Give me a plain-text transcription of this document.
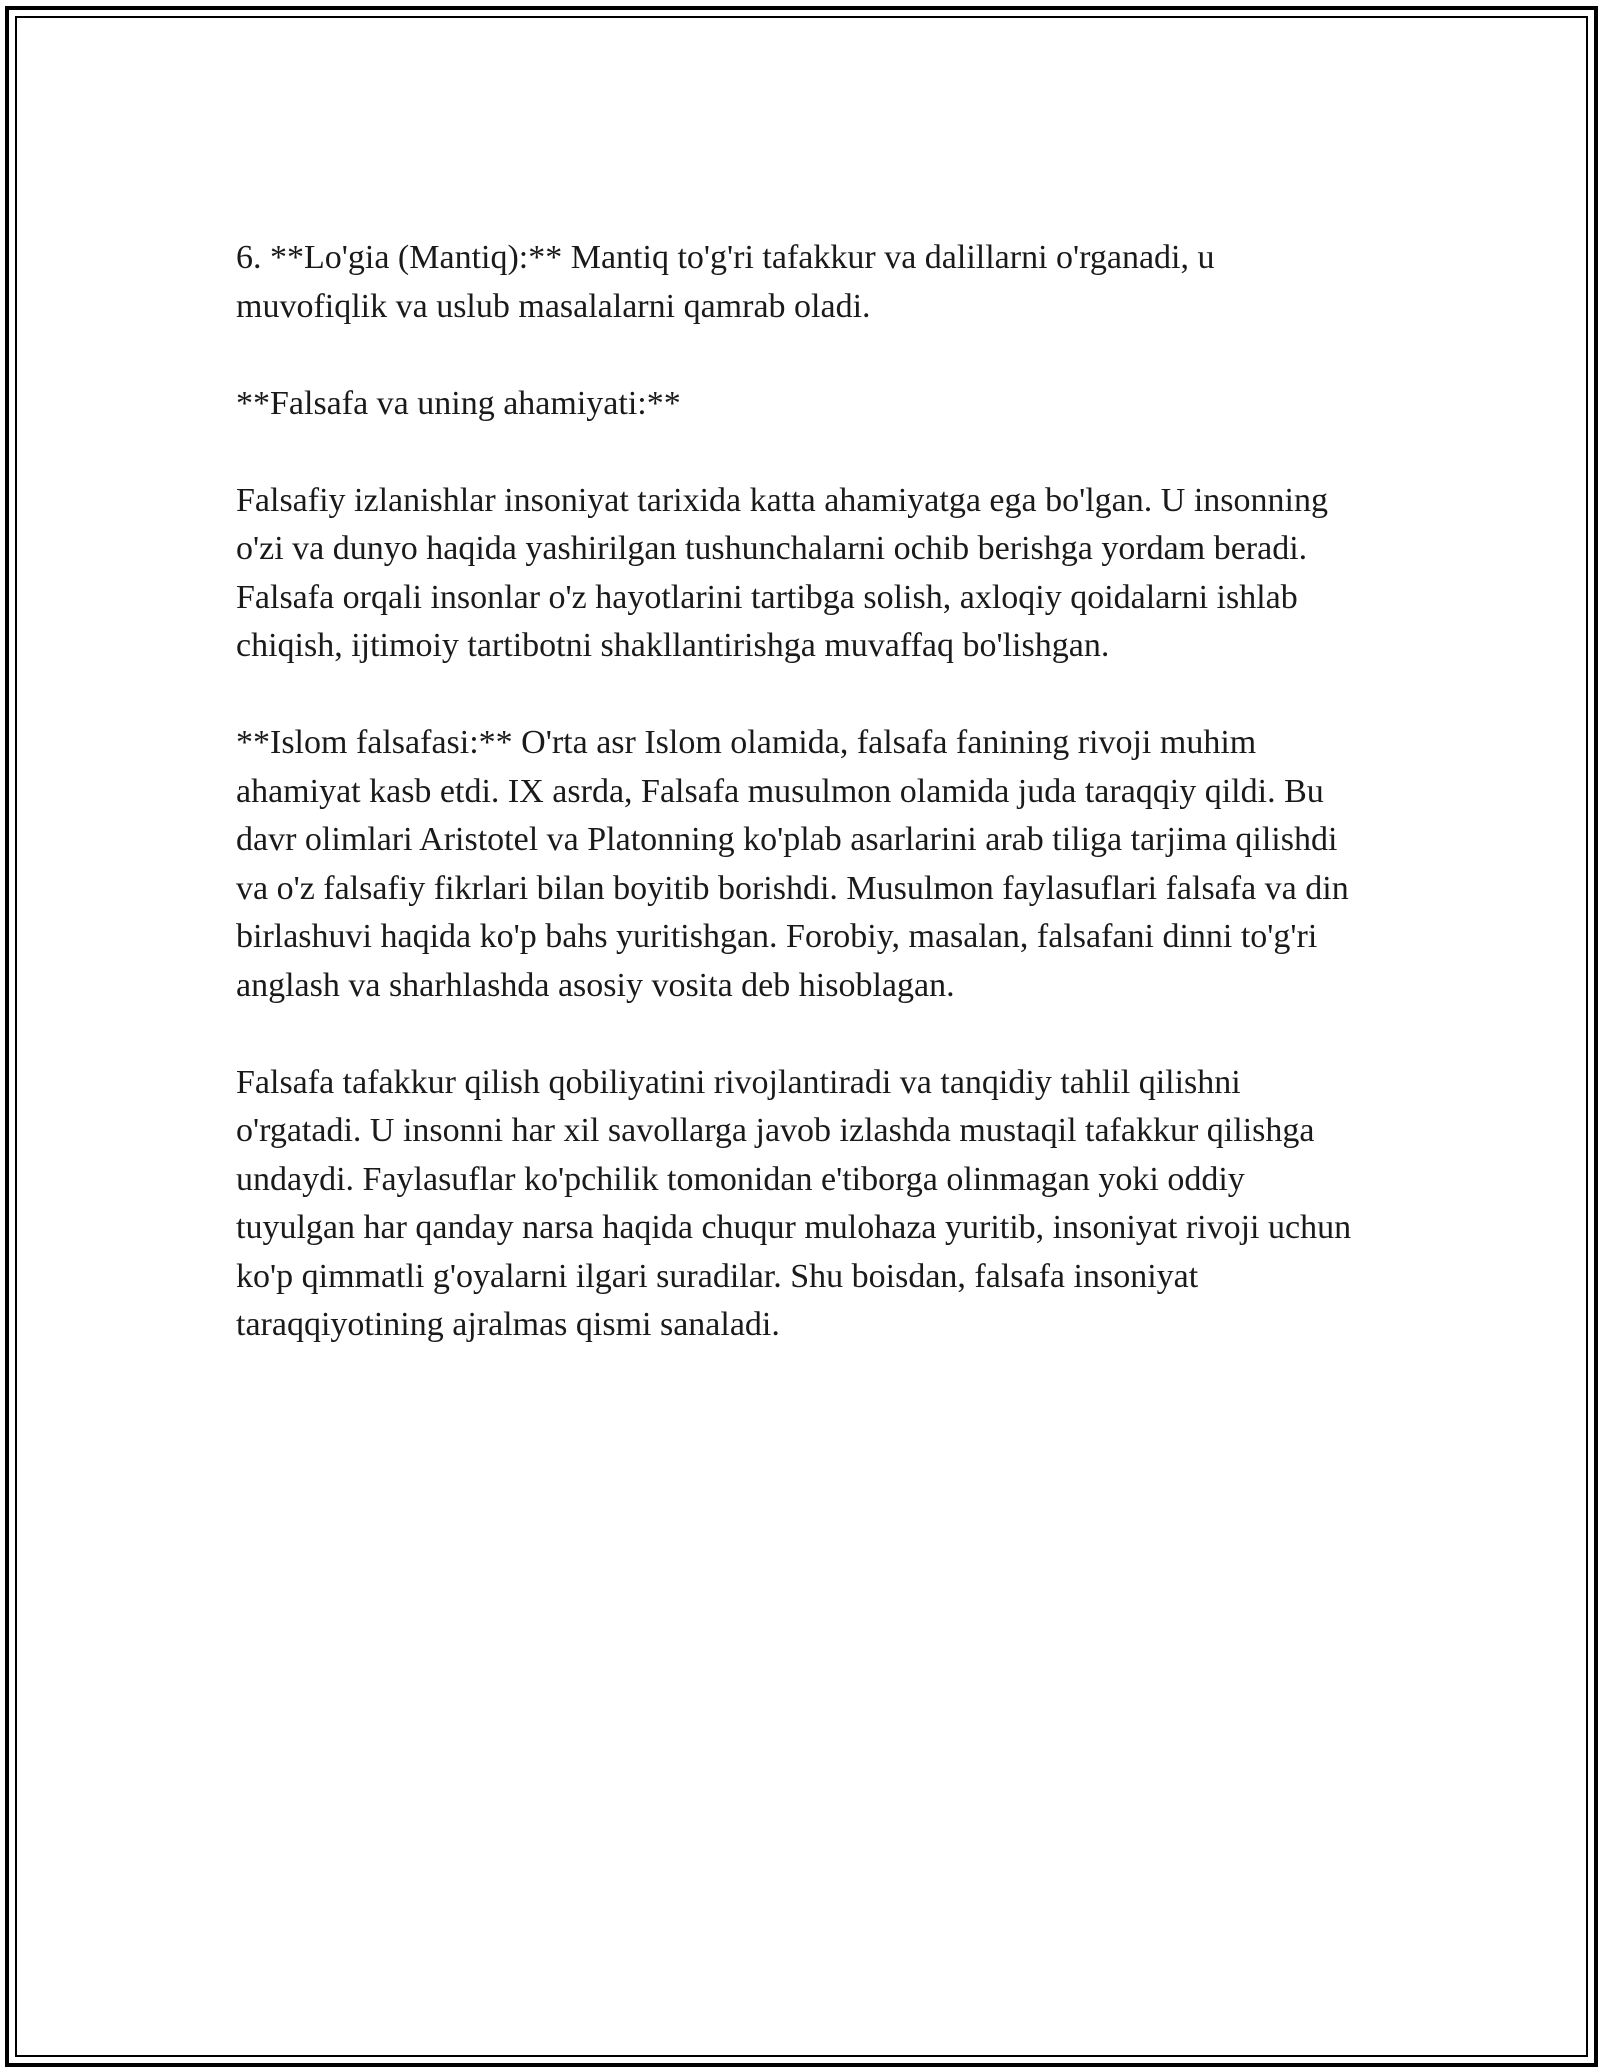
6. **Lo'gia (Mantiq):** Mantiq to'g'ri tafakkur va dalillarni o'rganadi, u muvofiqlik va uslub masalalarni qamrab oladi.

**Falsafa va uning ahamiyati:**

Falsafiy izlanishlar insoniyat tarixida katta ahamiyatga ega bo'lgan. U insonning o'zi va dunyo haqida yashirilgan tushunchalarni ochib berishga yordam beradi. Falsafa orqali insonlar o'z hayotlarini tartibga solish, axloqiy qoidalarni ishlab chiqish, ijtimoiy tartibotni shakllantirishga muvaffaq bo'lishgan.

**Islom falsafasi:** O'rta asr Islom olamida, falsafa fanining rivoji muhim ahamiyat kasb etdi. IX asrda, Falsafa musulmon olamida juda taraqqiy qildi. Bu davr olimlari Aristotel va Platonning ko'plab asarlarini arab tiliga tarjima qilishdi va o'z falsafiy fikrlari bilan boyitib borishdi. Musulmon faylasuflari falsafa va din birlashuvi haqida ko'p bahs yuritishgan. Forobiy, masalan, falsafani dinni to'g'ri anglash va sharhlashda asosiy vosita deb hisoblagan.

Falsafa tafakkur qilish qobiliyatini rivojlantiradi va tanqidiy tahlil qilishni o'rgatadi. U insonni har xil savollarga javob izlashda mustaqil tafakkur qilishga undaydi. Faylasuflar ko'pchilik tomonidan e'tiborga olinmagan yoki oddiy tuyulgan har qanday narsa haqida chuqur mulohaza yuritib, insoniyat rivoji uchun ko'p qimmatli g'oyalarni ilgari suradilar. Shu boisdan, falsafa insoniyat taraqqiyotining ajralmas qismi sanaladi.
